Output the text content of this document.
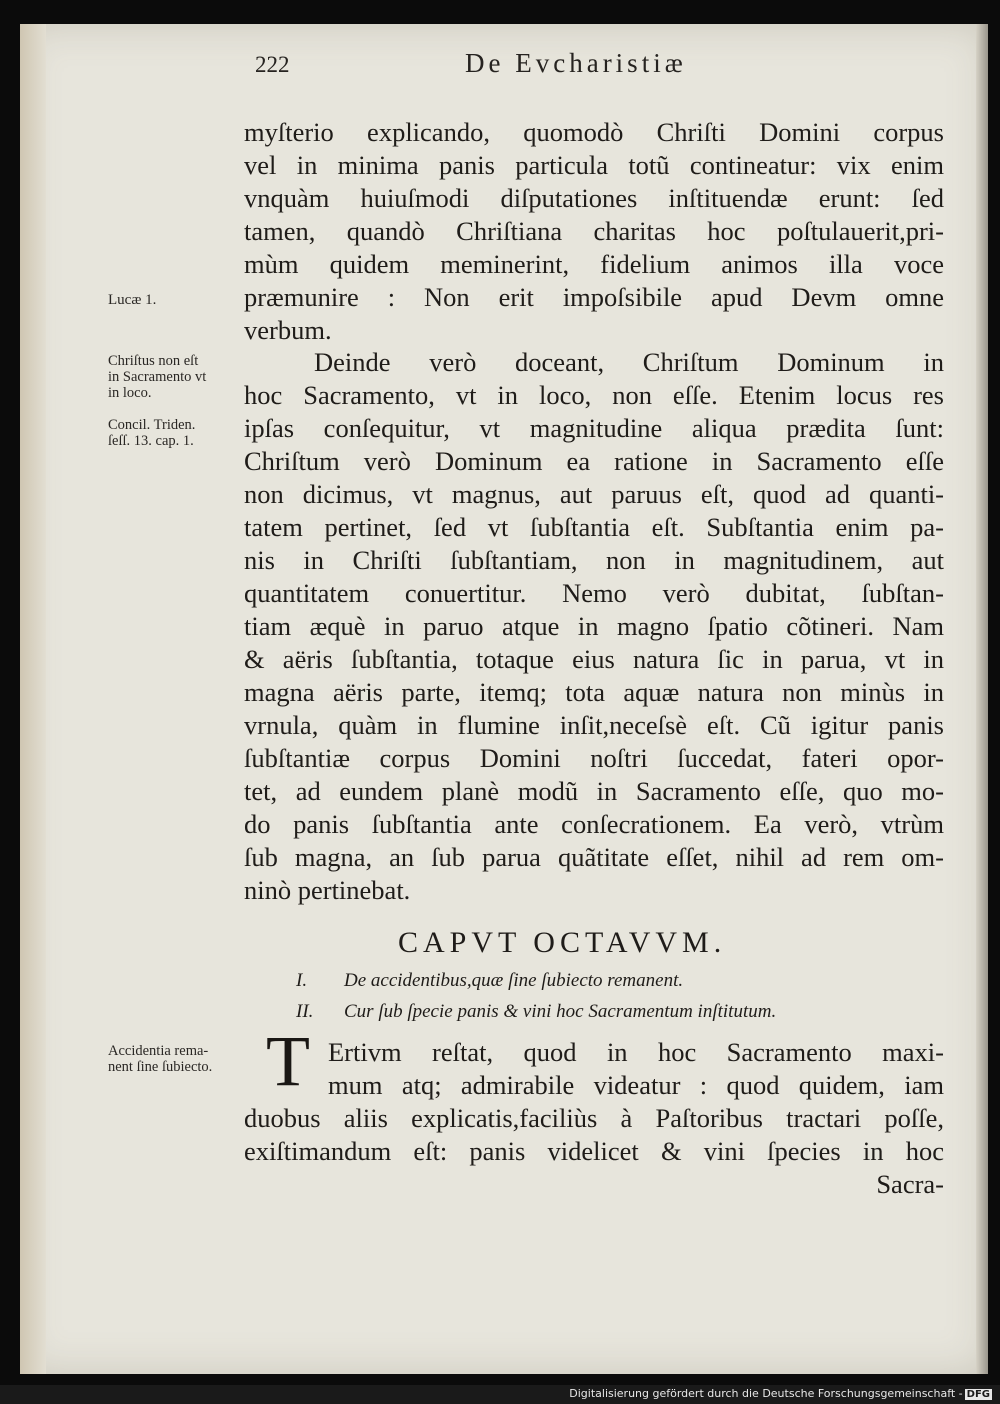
222	De Evcharistiæ
myſterio explicando, quomodò Chriſti Domini corpus
vel in minima panis particula totũ contineatur: vix enim
vnquàm huiuſmodi diſputationes inſtituendæ erunt: ſed
tamen, quandò Chriſtiana charitas hoc poſtulauerit,pri-
mùm quidem meminerint, fidelium animos illa voce
præmunire : Non erit impoſsibile apud Devm omne
verbum.
Deinde verò doceant, Chriſtum Dominum in
hoc Sacramento, vt in loco, non eſſe. Etenim locus res
ipſas conſequitur, vt magnitudine aliqua prædita ſunt:
Chriſtum verò Dominum ea ratione in Sacramento eſſe
non dicimus, vt magnus, aut paruus eſt, quod ad quanti-
tatem pertinet, ſed vt ſubſtantia eſt. Subſtantia enim pa-
nis in Chriſti ſubſtantiam, non in magnitudinem, aut
quantitatem conuertitur. Nemo verò dubitat, ſubſtan-
tiam æquè in paruo atque in magno ſpatio cõtineri. Nam
& aëris ſubſtantia, totaque eius natura ſic in parua, vt in
magna aëris parte, itemq; tota aquæ natura non minùs in
vrnula, quàm in flumine inſit,neceſsè eſt. Cũ igitur panis
ſubſtantiæ corpus Domini noſtri ſuccedat, fateri opor-
tet, ad eundem planè modũ in Sacramento eſſe, quo mo-
do panis ſubſtantia ante conſecrationem. Ea verò, vtrùm
ſub magna, an ſub parua quãtitate eſſet, nihil ad rem om-
ninò pertinebat.
Lucæ 1.
Chriſtus non eſt
in Sacramento vt
in loco.
Concil. Triden.
ſeſſ. 13. cap. 1.
Accidentia rema-
nent ſine ſubiecto.
CAPVT OCTAVVM.
I. De accidentibus,quæ ſine ſubiecto remanent.
II. Cur ſub ſpecie panis & vini hoc Sacramentum inſtitutum.
T Ertivm reſtat, quod in hoc Sacramento maxi-
mum atq; admirabile videatur : quod quidem, iam
duobus aliis explicatis,faciliùs à Paſtoribus tractari poſſe,
exiſtimandum eſt: panis videlicet & vini ſpecies in hoc
Sacra-
Digitalisierung gefördert durch die Deutsche Forschungsgemeinschaft - DFG
